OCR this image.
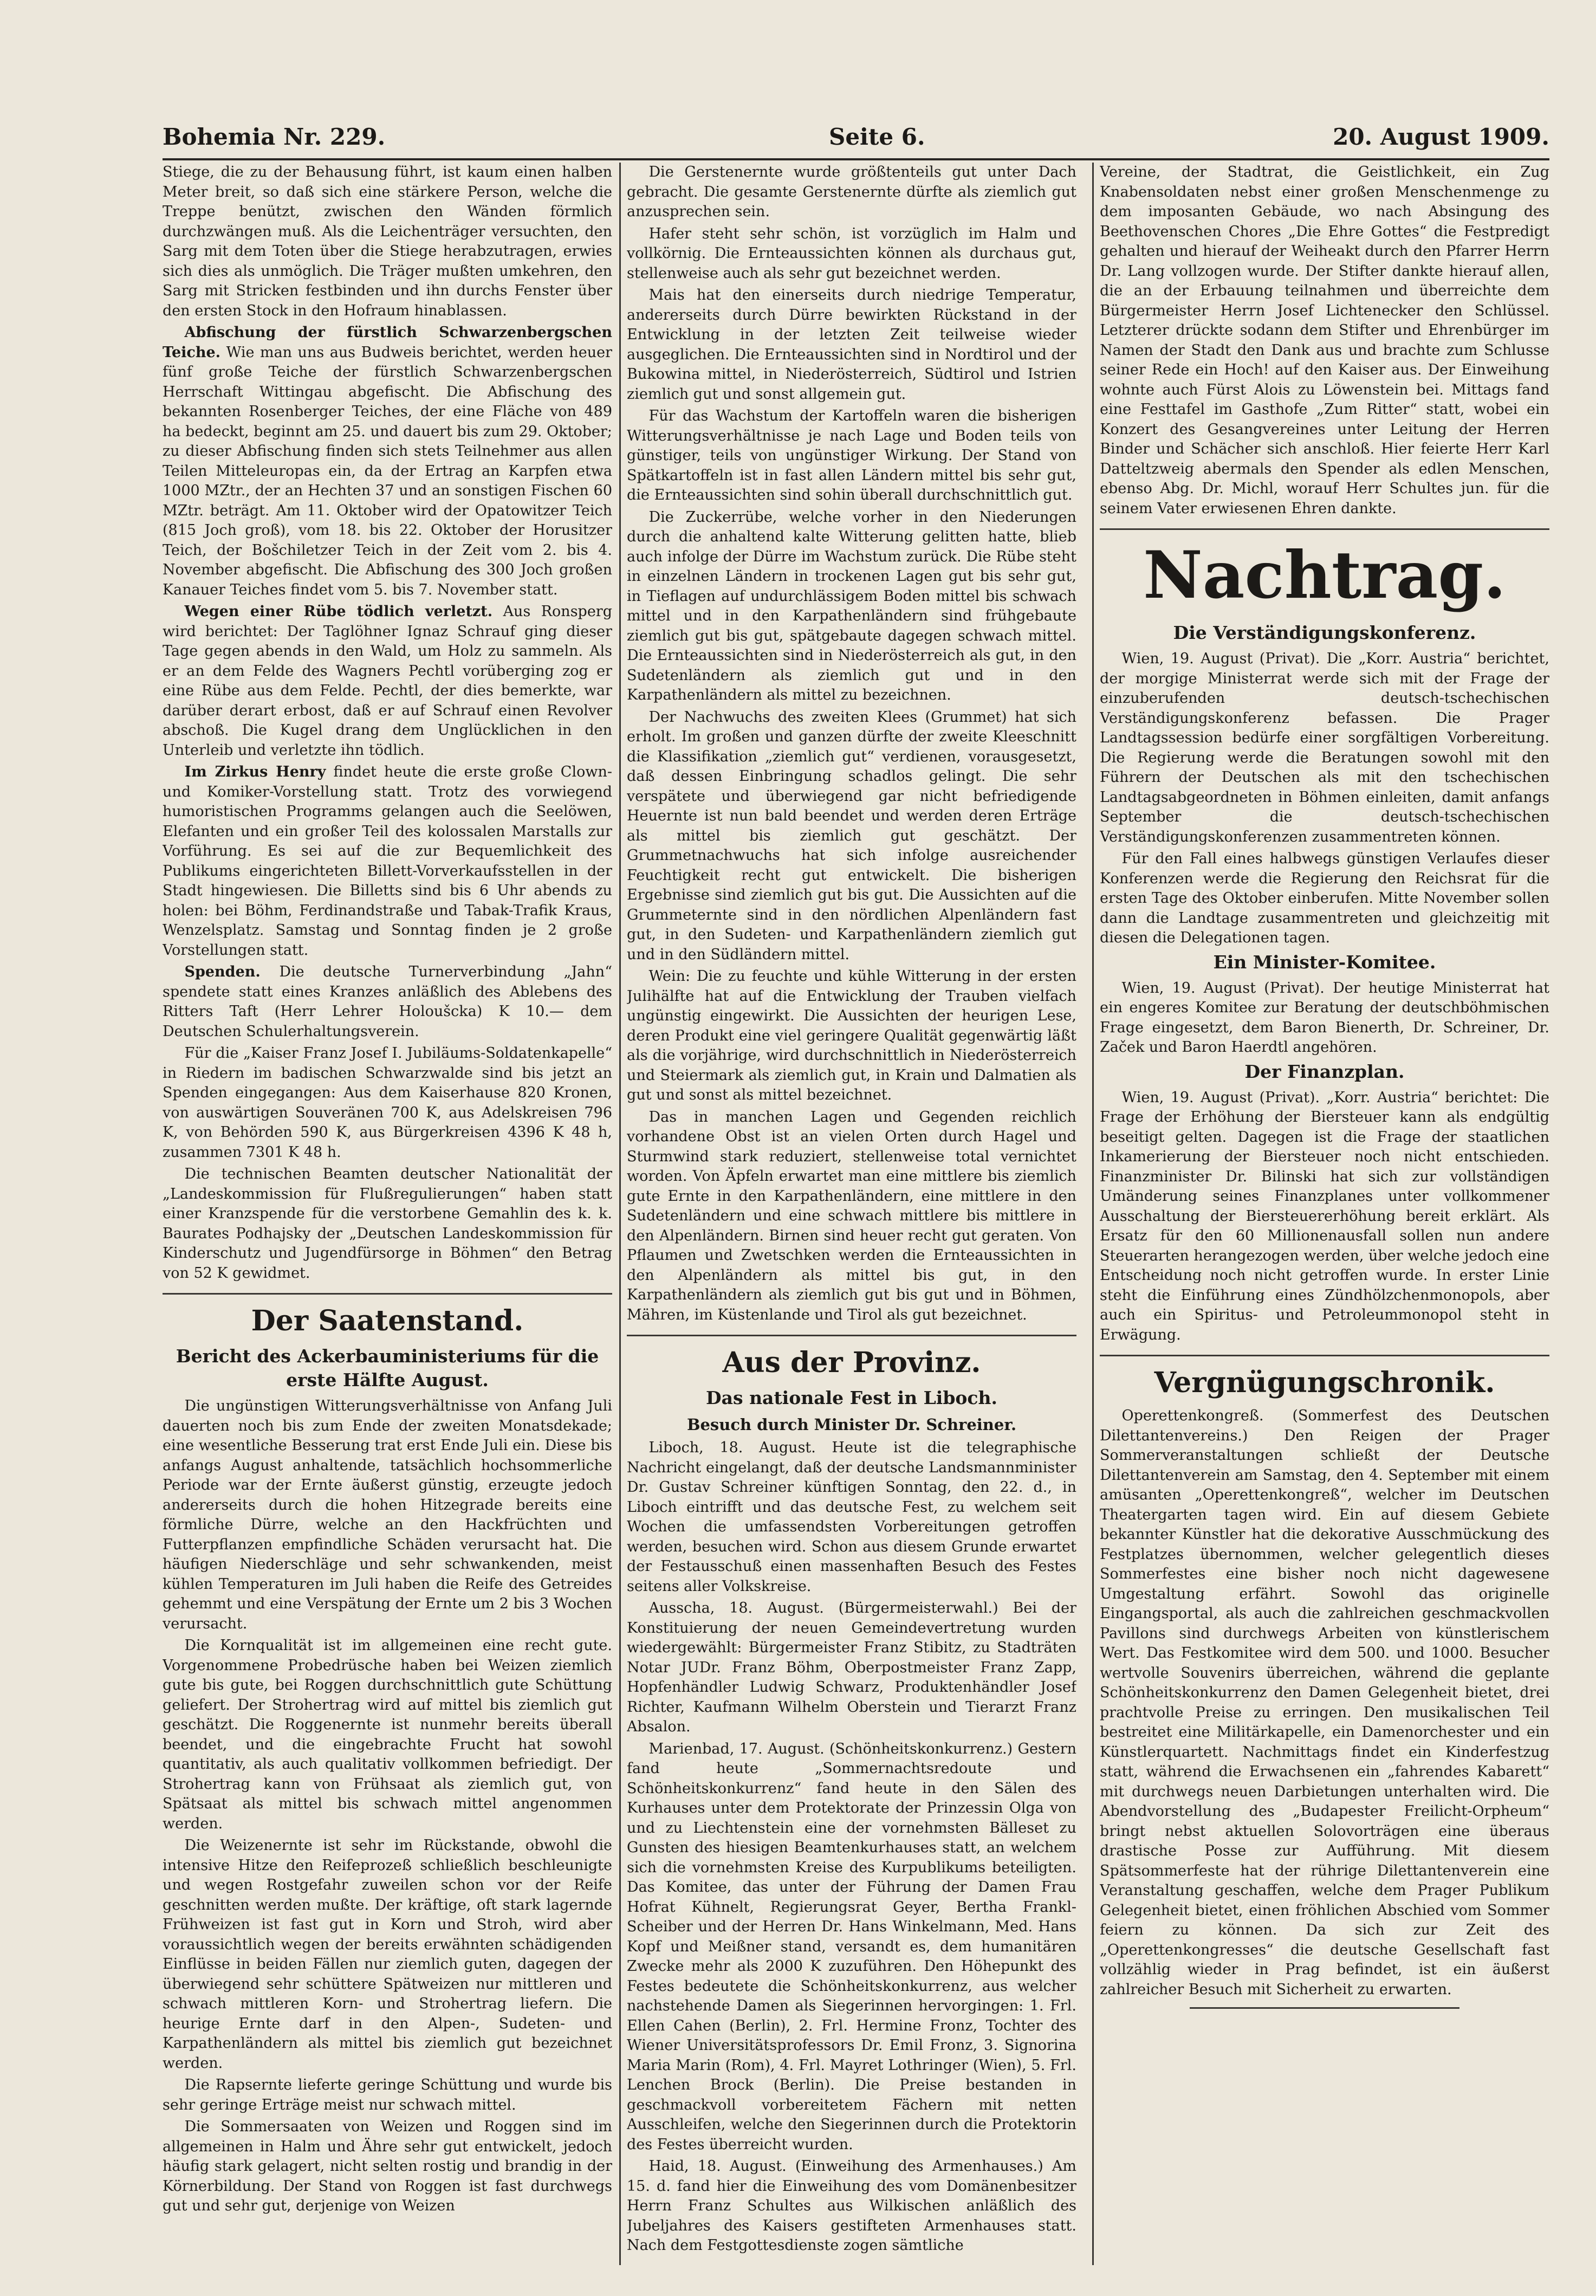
Bohemia Nr. 229.	Seite 6.	20. August 1909.

Stiege, die zu der Behausung führt, ist kaum einen halben Meter breit, so daß sich eine stärkere Person, welche die Treppe benützt, zwischen den Wänden förmlich durchzwängen muß. Als die Leichenträger versuchten, den Sarg mit dem Toten über die Stiege herabzutragen, erwies sich dies als unmöglich. Die Träger mußten umkehren, den Sarg mit Stricken festbinden und ihn durchs Fenster über den ersten Stock in den Hofraum hinablassen.

Abfischung der fürstlich Schwarzenbergschen Teiche. Wie man uns aus Budweis berichtet, werden heuer fünf große Teiche der fürstlich Schwarzenbergschen Herrschaft Wittingau abgefischt. Die Abfischung des bekannten Rosenberger Teiches, der eine Fläche von 489 ha bedeckt, beginnt am 25. und dauert bis zum 29. Oktober; zu dieser Abfischung finden sich stets Teilnehmer aus allen Teilen Mitteleuropas ein, da der Ertrag an Karpfen etwa 1000 MZtr., der an Hechten 37 und an sonstigen Fischen 60 MZtr. beträgt. Am 11. Oktober wird der Opatowitzer Teich (815 Joch groß), vom 18. bis 22. Oktober der Horusitzer Teich, der Bošchiletzer Teich in der Zeit vom 2. bis 4. November abgefischt. Die Abfischung des 300 Joch großen Kanauer Teiches findet vom 5. bis 7. November statt.

Wegen einer Rübe tödlich verletzt. Aus Ronsperg wird berichtet: Der Taglöhner Ignaz Schrauf ging dieser Tage gegen abends in den Wald, um Holz zu sammeln. Als er an dem Felde des Wagners Pechtl vorüberging zog er eine Rübe aus dem Felde. Pechtl, der dies bemerkte, war darüber derart erbost, daß er auf Schrauf einen Revolver abschoß. Die Kugel drang dem Unglücklichen in den Unterleib und verletzte ihn tödlich.

Im Zirkus Henry findet heute die erste große Clown- und Komiker-Vorstellung statt. Trotz des vorwiegend humoristischen Programms gelangen auch die Seelöwen, Elefanten und ein großer Teil des kolossalen Marstalls zur Vorführung. Es sei auf die zur Bequemlichkeit des Publikums eingerichteten Billett-Vorverkaufsstellen in der Stadt hingewiesen. Die Billetts sind bis 6 Uhr abends zu holen: bei Böhm, Ferdinandstraße und Tabak-Trafik Kraus, Wenzelsplatz. Samstag und Sonntag finden je 2 große Vorstellungen statt.

Spenden. Die deutsche Turnerverbindung „Jahn“ spendete statt eines Kranzes anläßlich des Ablebens des Ritters Taft (Herr Lehrer Holoušcka) K 10.— dem Deutschen Schulerhaltungsverein.

Für die „Kaiser Franz Josef I. Jubiläums-Soldatenkapelle“ in Riedern im badischen Schwarzwalde sind bis jetzt an Spenden eingegangen: Aus dem Kaiserhause 820 Kronen, von auswärtigen Souveränen 700 K, aus Adelskreisen 796 K, von Behörden 590 K, aus Bürgerkreisen 4396 K 48 h, zusammen 7301 K 48 h.

Die technischen Beamten deutscher Nationalität der „Landeskommission für Flußregulierungen“ haben statt einer Kranzspende für die verstorbene Gemahlin des k. k. Baurates Podhajsky der „Deutschen Landeskommission für Kinderschutz und Jugendfürsorge in Böhmen“ den Betrag von 52 K gewidmet.

Der Saatenstand.
Bericht des Ackerbauministeriums für die erste Hälfte August.

Die ungünstigen Witterungsverhältnisse von Anfang Juli dauerten noch bis zum Ende der zweiten Monatsdekade; eine wesentliche Besserung trat erst Ende Juli ein. Diese bis anfangs August anhaltende, tatsächlich hochsommerliche Periode war der Ernte äußerst günstig, erzeugte jedoch andererseits durch die hohen Hitzegrade bereits eine förmliche Dürre, welche an den Hackfrüchten und Futterpflanzen empfindliche Schäden verursacht hat. Die häufigen Niederschläge und sehr schwankenden, meist kühlen Temperaturen im Juli haben die Reife des Getreides gehemmt und eine Verspätung der Ernte um 2 bis 3 Wochen verursacht.

Die Kornqualität ist im allgemeinen eine recht gute. Vorgenommene Probedrüsche haben bei Weizen ziemlich gute bis gute, bei Roggen durchschnittlich gute Schüttung geliefert. Der Strohertrag wird auf mittel bis ziemlich gut geschätzt. Die Roggenernte ist nunmehr bereits überall beendet, und die eingebrachte Frucht hat sowohl quantitativ, als auch qualitativ vollkommen befriedigt. Der Strohertrag kann von Frühsaat als ziemlich gut, von Spätsaat als mittel bis schwach mittel angenommen werden.

Die Weizenernte ist sehr im Rückstande, obwohl die intensive Hitze den Reifeprozeß schließlich beschleunigte und wegen Rostgefahr zuweilen schon vor der Reife geschnitten werden mußte. Der kräftige, oft stark lagernde Frühweizen ist fast gut in Korn und Stroh, wird aber voraussichtlich wegen der bereits erwähnten schädigenden Einflüsse in beiden Fällen nur ziemlich guten, dagegen der überwiegend sehr schüttere Spätweizen nur mittleren und schwach mittleren Korn- und Strohertrag liefern. Die heurige Ernte darf in den Alpen-, Sudeten- und Karpathenländern als mittel bis ziemlich gut bezeichnet werden.

Die Rapsernte lieferte geringe Schüttung und wurde bis sehr geringe Erträge meist nur schwach mittel.

Die Sommersaaten von Weizen und Roggen sind im allgemeinen in Halm und Ähre sehr gut entwickelt, jedoch häufig stark gelagert, nicht selten rostig und brandig in der Körnerbildung. Der Stand von Roggen ist fast durchwegs gut und sehr gut, derjenige von Weizen

Die Gerstenernte wurde größtenteils gut unter Dach gebracht. Die gesamte Gerstenernte dürfte als ziemlich gut anzusprechen sein.

Hafer steht sehr schön, ist vorzüglich im Halm und vollkörnig. Die Ernteaussichten können als durchaus gut, stellenweise auch als sehr gut bezeichnet werden.

Mais hat den einerseits durch niedrige Temperatur, andererseits durch Dürre bewirkten Rückstand in der Entwicklung in der letzten Zeit teilweise wieder ausgeglichen. Die Ernteaussichten sind in Nordtirol und der Bukowina mittel, in Niederösterreich, Südtirol und Istrien ziemlich gut und sonst allgemein gut.

Für das Wachstum der Kartoffeln waren die bisherigen Witterungsverhältnisse je nach Lage und Boden teils von günstiger, teils von ungünstiger Wirkung. Der Stand von Spätkartoffeln ist in fast allen Ländern mittel bis sehr gut, die Ernteaussichten sind sohin überall durchschnittlich gut.

Die Zuckerrübe, welche vorher in den Niederungen durch die anhaltend kalte Witterung gelitten hatte, blieb auch infolge der Dürre im Wachstum zurück. Die Rübe steht in einzelnen Ländern in trockenen Lagen gut bis sehr gut, in Tieflagen auf undurchlässigem Boden mittel bis schwach mittel und in den Karpathenländern sind frühgebaute ziemlich gut bis gut, spätgebaute dagegen schwach mittel. Die Ernteaussichten sind in Niederösterreich als gut, in den Sudetenländern als ziemlich gut und in den Karpathenländern als mittel zu bezeichnen.

Der Nachwuchs des zweiten Klees (Grummet) hat sich erholt. Im großen und ganzen dürfte der zweite Kleeschnitt die Klassifikation „ziemlich gut“ verdienen, vorausgesetzt, daß dessen Einbringung schadlos gelingt. Die sehr verspätete und überwiegend gar nicht befriedigende Heuernte ist nun bald beendet und werden deren Erträge als mittel bis ziemlich gut geschätzt. Der Grummetnachwuchs hat sich infolge ausreichender Feuchtigkeit recht gut entwickelt. Die bisherigen Ergebnisse sind ziemlich gut bis gut. Die Aussichten auf die Grummeternte sind in den nördlichen Alpenländern fast gut, in den Sudeten- und Karpathenländern ziemlich gut und in den Südländern mittel.

Wein: Die zu feuchte und kühle Witterung in der ersten Julihälfte hat auf die Entwicklung der Trauben vielfach ungünstig eingewirkt. Die Aussichten der heurigen Lese, deren Produkt eine viel geringere Qualität gegenwärtig läßt als die vorjährige, wird durchschnittlich in Niederösterreich und Steiermark als ziemlich gut, in Krain und Dalmatien als gut und sonst als mittel bezeichnet.

Das in manchen Lagen und Gegenden reichlich vorhandene Obst ist an vielen Orten durch Hagel und Sturmwind stark reduziert, stellenweise total vernichtet worden. Von Äpfeln erwartet man eine mittlere bis ziemlich gute Ernte in den Karpathenländern, eine mittlere in den Sudetenländern und eine schwach mittlere bis mittlere in den Alpenländern. Birnen sind heuer recht gut geraten. Von Pflaumen und Zwetschken werden die Ernteaussichten in den Alpenländern als mittel bis gut, in den Karpathenländern als ziemlich gut bis gut und in Böhmen, Mähren, im Küstenlande und Tirol als gut bezeichnet.

Aus der Provinz.
Das nationale Fest in Liboch.
Besuch durch Minister Dr. Schreiner.

Liboch, 18. August. Heute ist die telegraphische Nachricht eingelangt, daß der deutsche Landsmannminister Dr. Gustav Schreiner künftigen Sonntag, den 22. d., in Liboch eintrifft und das deutsche Fest, zu welchem seit Wochen die umfassendsten Vorbereitungen getroffen werden, besuchen wird. Schon aus diesem Grunde erwartet der Festausschuß einen massenhaften Besuch des Festes seitens aller Volkskreise.

Ausscha, 18. August. (Bürgermeisterwahl.) Bei der Konstituierung der neuen Gemeindevertretung wurden wiedergewählt: Bürgermeister Franz Stibitz, zu Stadträten Notar JUDr. Franz Böhm, Oberpostmeister Franz Zapp, Hopfenhändler Ludwig Schwarz, Produktenhändler Josef Richter, Kaufmann Wilhelm Oberstein und Tierarzt Franz Absalon.

Marienbad, 17. August. (Schönheitskonkurrenz.) Gestern fand heute „Sommernachtsredoute und Schönheitskonkurrenz“ fand heute in den Sälen des Kurhauses unter dem Protektorate der Prinzessin Olga von und zu Liechtenstein eine der vornehmsten Bälleset zu Gunsten des hiesigen Beamtenkurhauses statt, an welchem sich die vornehmsten Kreise des Kurpublikums beteiligten. Das Komitee, das unter der Führung der Damen Frau Hofrat Kühnelt, Regierungsrat Geyer, Bertha Frankl-Scheiber und der Herren Dr. Hans Winkelmann, Med. Hans Kopf und Meißner stand, versandt es, dem humanitären Zwecke mehr als 2000 K zuzuführen. Den Höhepunkt des Festes bedeutete die Schönheitskonkurrenz, aus welcher nachstehende Damen als Siegerinnen hervorgingen: 1. Frl. Ellen Cahen (Berlin), 2. Frl. Hermine Fronz, Tochter des Wiener Universitätsprofessors Dr. Emil Fronz, 3. Signorina Maria Marin (Rom), 4. Frl. Mayret Lothringer (Wien), 5. Frl. Lenchen Brock (Berlin). Die Preise bestanden in geschmackvoll vorbereitetem Fächern mit netten Ausschleifen, welche den Siegerinnen durch die Protektorin des Festes überreicht wurden.

Haid, 18. August. (Einweihung des Armenhauses.) Am 15. d. fand hier die Einweihung des vom Domänenbesitzer Herrn Franz Schultes aus Wilkischen anläßlich des Jubeljahres des Kaisers gestifteten Armenhauses statt. Nach dem Festgottesdienste zogen sämtliche

Vereine, der Stadtrat, die Geistlichkeit, ein Zug Knabensoldaten nebst einer großen Menschenmenge zu dem imposanten Gebäude, wo nach Absingung des Beethovenschen Chores „Die Ehre Gottes“ die Festpredigt gehalten und hierauf der Weiheakt durch den Pfarrer Herrn Dr. Lang vollzogen wurde. Der Stifter dankte hierauf allen, die an der Erbauung teilnahmen und überreichte dem Bürgermeister Herrn Josef Lichtenecker den Schlüssel. Letzterer drückte sodann dem Stifter und Ehrenbürger im Namen der Stadt den Dank aus und brachte zum Schlusse seiner Rede ein Hoch! auf den Kaiser aus. Der Einweihung wohnte auch Fürst Alois zu Löwenstein bei. Mittags fand eine Festtafel im Gasthofe „Zum Ritter“ statt, wobei ein Konzert des Gesangvereines unter Leitung der Herren Binder und Schächer sich anschloß. Hier feierte Herr Karl Datteltzweig abermals den Spender als edlen Menschen, ebenso Abg. Dr. Michl, worauf Herr Schultes jun. für die seinem Vater erwiesenen Ehren dankte.

Nachtrag.
Die Verständigungskonferenz.

Wien, 19. August (Privat). Die „Korr. Austria“ berichtet, der morgige Ministerrat werde sich mit der Frage der einzuberufenden deutsch-tschechischen Verständigungskonferenz befassen. Die Prager Landtagssession bedürfe einer sorgfältigen Vorbereitung. Die Regierung werde die Beratungen sowohl mit den Führern der Deutschen als mit den tschechischen Landtagsabgeordneten in Böhmen einleiten, damit anfangs September die deutsch-tschechischen Verständigungskonferenzen zusammentreten können.

Für den Fall eines halbwegs günstigen Verlaufes dieser Konferenzen werde die Regierung den Reichsrat für die ersten Tage des Oktober einberufen. Mitte November sollen dann die Landtage zusammentreten und gleichzeitig mit diesen die Delegationen tagen.

Ein Minister-Komitee.

Wien, 19. August (Privat). Der heutige Ministerrat hat ein engeres Komitee zur Beratung der deutschböhmischen Frage eingesetzt, dem Baron Bienerth, Dr. Schreiner, Dr. Začek und Baron Haerdtl angehören.

Der Finanzplan.

Wien, 19. August (Privat). „Korr. Austria“ berichtet: Die Frage der Erhöhung der Biersteuer kann als endgültig beseitigt gelten. Dagegen ist die Frage der staatlichen Inkamerierung der Biersteuer noch nicht entschieden. Finanzminister Dr. Bilinski hat sich zur vollständigen Umänderung seines Finanzplanes unter vollkommener Ausschaltung der Biersteuererhöhung bereit erklärt. Als Ersatz für den 60 Millionenausfall sollen nun andere Steuerarten herangezogen werden, über welche jedoch eine Entscheidung noch nicht getroffen wurde. In erster Linie steht die Einführung eines Zündhölzchenmonopols, aber auch ein Spiritus- und Petroleummonopol steht in Erwägung.

Vergnügungschronik.

Operettenkongreß. (Sommerfest des Deutschen Dilettantenvereins.) Den Reigen der Prager Sommerveranstaltungen schließt der Deutsche Dilettantenverein am Samstag, den 4. September mit einem amüsanten „Operettenkongreß“, welcher im Deutschen Theatergarten tagen wird. Ein auf diesem Gebiete bekannter Künstler hat die dekorative Ausschmückung des Festplatzes übernommen, welcher gelegentlich dieses Sommerfestes eine bisher noch nicht dagewesene Umgestaltung erfährt. Sowohl das originelle Eingangsportal, als auch die zahlreichen geschmackvollen Pavillons sind durchwegs Arbeiten von künstlerischem Wert. Das Festkomitee wird dem 500. und 1000. Besucher wertvolle Souvenirs überreichen, während die geplante Schönheitskonkurrenz den Damen Gelegenheit bietet, drei prachtvolle Preise zu erringen. Den musikalischen Teil bestreitet eine Militärkapelle, ein Damenorchester und ein Künstlerquartett. Nachmittags findet ein Kinderfestzug statt, während die Erwachsenen ein „fahrendes Kabarett“ mit durchwegs neuen Darbietungen unterhalten wird. Die Abendvorstellung des „Budapester Freilicht-Orpheum“ bringt nebst aktuellen Solovorträgen eine überaus drastische Posse zur Aufführung. Mit diesem Spätsommerfeste hat der rührige Dilettantenverein eine Veranstaltung geschaffen, welche dem Prager Publikum Gelegenheit bietet, einen fröhlichen Abschied vom Sommer feiern zu können. Da sich zur Zeit des „Operettenkongresses“ die deutsche Gesellschaft fast vollzählig wieder in Prag befindet, ist ein äußerst zahlreicher Besuch mit Sicherheit zu erwarten.
